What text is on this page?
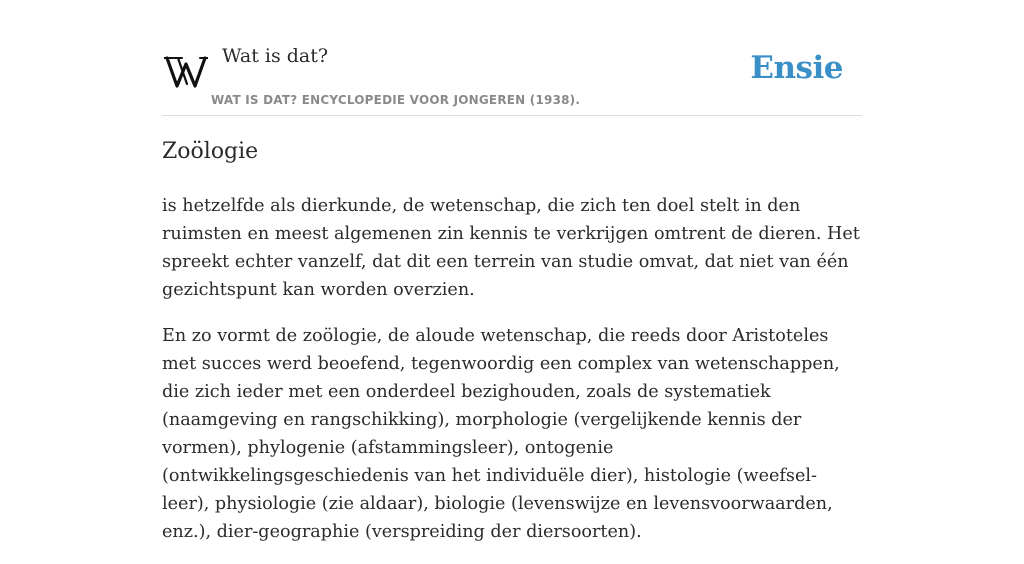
Wat is dat?
WAT IS DAT? ENCYCLOPEDIE VOOR JONGEREN (1938).
Ensie
Zoölogie

is hetzelfde als dierkunde, de wetenschap, die zich ten doel stelt in den ruimsten en meest algemenen zin kennis te verkrijgen omtrent de dieren. Het spreekt echter vanzelf, dat dit een terrein van studie omvat, dat niet van één gezichtspunt kan worden overzien.

En zo vormt de zoölogie, de aloude wetenschap, die reeds door Aristoteles met succes werd beoefend, tegenwoordig een complex van wetenschappen, die zich ieder met een onderdeel bezighouden, zoals de systematiek (naamgeving en rangschikking), morphologie (vergelijkende kennis der vormen), phylogenie (afstammingsleer), ontogenie (ontwikkelingsgeschiedenis van het individuële dier), histologie (weefsel-leer), physiologie (zie aldaar), biologie (levenswijze en levensvoorwaarden, enz.), dier-geographie (verspreiding der diersoorten).
